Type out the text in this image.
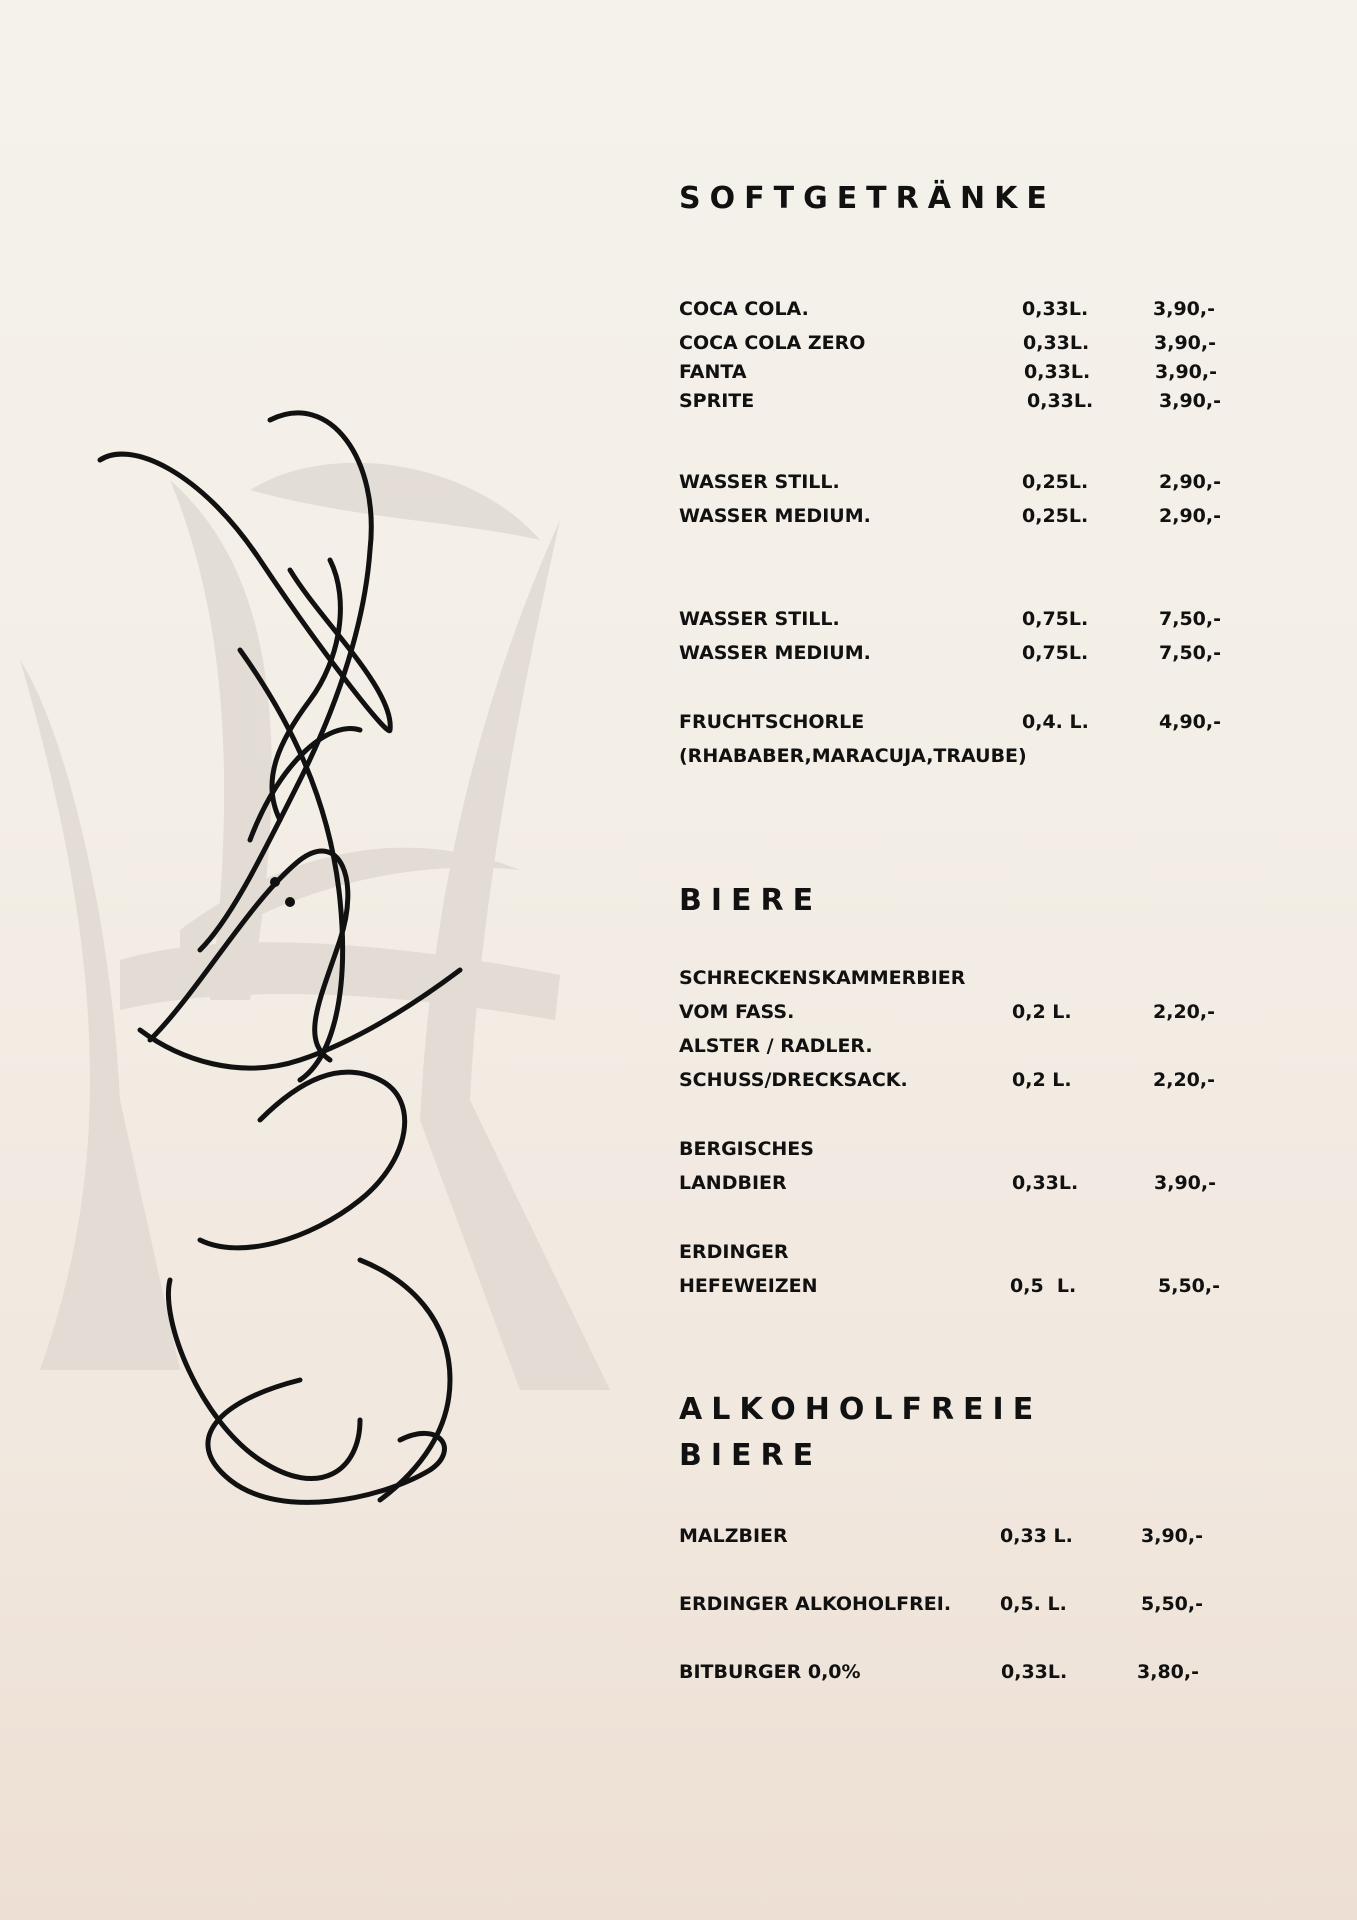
SOFTGETRÄNKE
COCA COLA.	0,33L.	3,90,-
COCA COLA ZERO	0,33L.	3,90,-
FANTA	0,33L.	3,90,-
SPRITE	0,33L.	3,90,-
WASSER STILL.	0,25L.	2,90,-
WASSER MEDIUM.	0,25L.	2,90,-
WASSER STILL.	0,75L.	7,50,-
WASSER MEDIUM.	0,75L.	7,50,-
FRUCHTSCHORLE	0,4. L.	4,90,-
(RHABABER,MARACUJA,TRAUBE)
BIERE
SCHRECKENSKAMMERBIER
VOM FASS.	0,2 L.	2,20,-
ALSTER / RADLER.
SCHUSS/DRECKSACK.	0,2 L.	2,20,-
BERGISCHES
LANDBIER	0,33L.	3,90,-
ERDINGER
HEFEWEIZEN	0,5  L.	5,50,-
ALKOHOLFREIE
BIERE
MALZBIER	0,33 L.	3,90,-
ERDINGER ALKOHOLFREI.	0,5. L.	5,50,-
BITBURGER 0,0%	0,33L.	3,80,-
